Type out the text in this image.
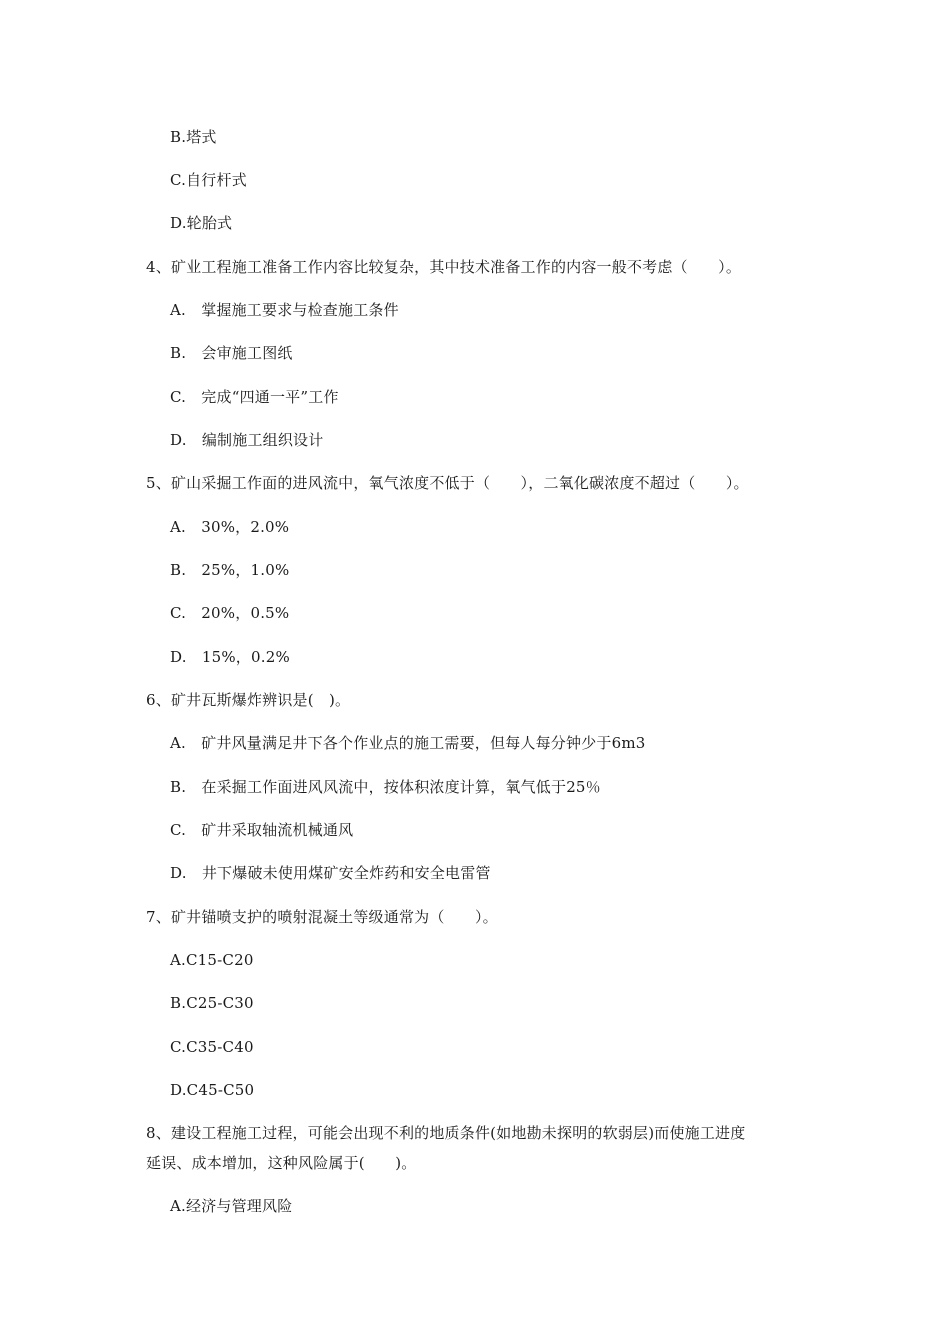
B.塔式
C.自行杆式
D.轮胎式
4、矿业工程施工准备工作内容比较复杂，其中技术准备工作的内容一般不考虑（　　）。
A.　掌握施工要求与检查施工条件
B.　会审施工图纸
C.　完成“四通一平”工作
D.　编制施工组织设计
5、矿山采掘工作面的进风流中，氧气浓度不低于（　　），二氧化碳浓度不超过（　　）。
A.　30%，2.0%
B.　25%，1.0%
C.　20%，0.5%
D.　15%，0.2%
6、矿井瓦斯爆炸辨识是(　)。
A.　矿井风量满足井下各个作业点的施工需要，但每人每分钟少于6m3
B.　在采掘工作面进风风流中，按体积浓度计算，氧气低于25％
C.　矿井采取轴流机械通风
D.　井下爆破未使用煤矿安全炸药和安全电雷管
7、矿井锚喷支护的喷射混凝土等级通常为（　　）。
A.C15-C20
B.C25-C30
C.C35-C40
D.C45-C50
8、建设工程施工过程，可能会出现不利的地质条件(如地勘未探明的软弱层)而使施工进度
延误、成本增加，这种风险属于(　　)。
A.经济与管理风险
